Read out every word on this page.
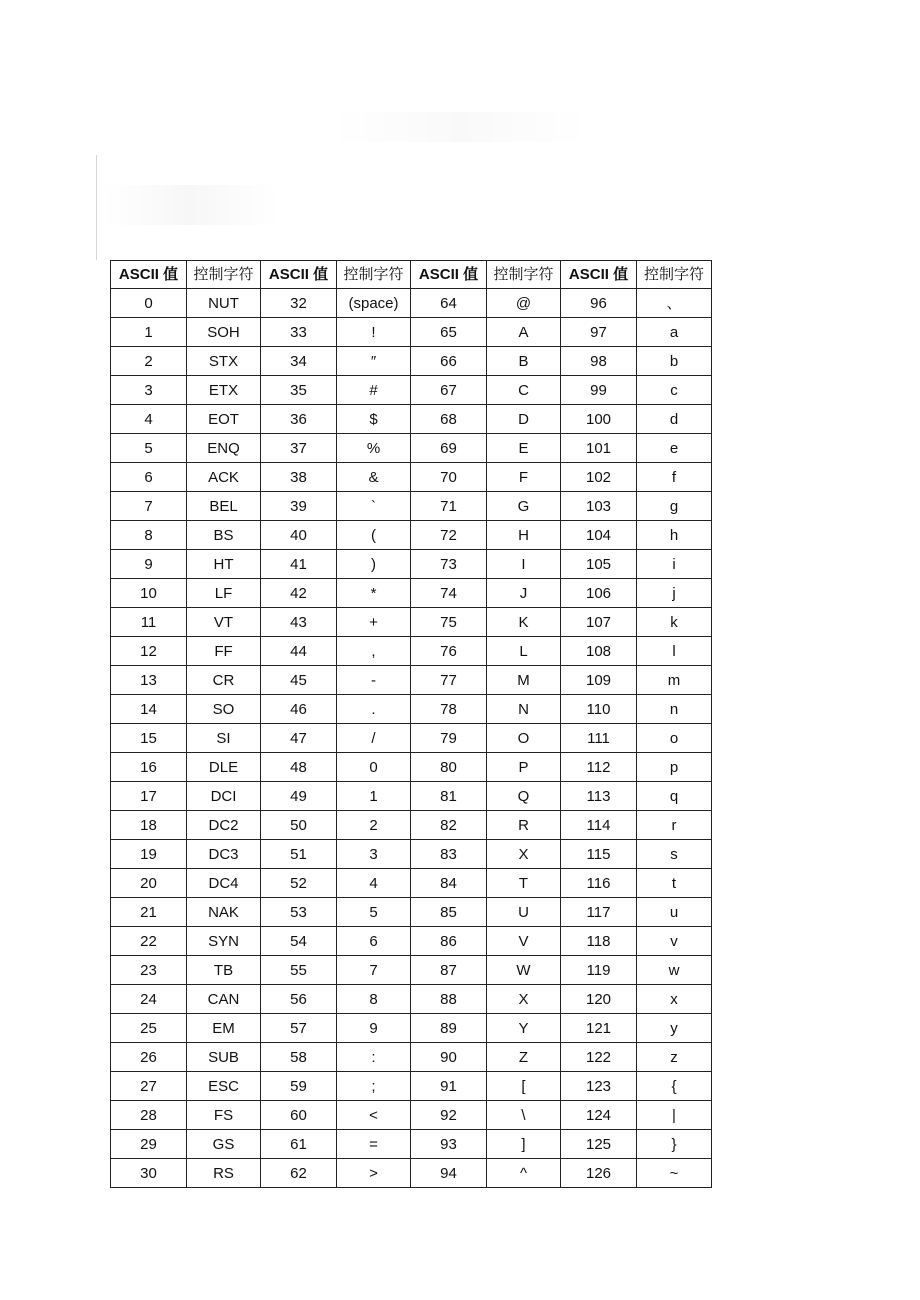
ASCII 值	控制字符	ASCII 值	控制字符	ASCII 值	控制字符	ASCII 值	控制字符
0	NUT	32	(space)	64	@	96	、
1	SOH	33	!	65	A	97	a
2	STX	34	″	66	B	98	b
3	ETX	35	#	67	C	99	c
4	EOT	36	$	68	D	100	d
5	ENQ	37	%	69	E	101	e
6	ACK	38	&	70	F	102	f
7	BEL	39	`	71	G	103	g
8	BS	40	(	72	H	104	h
9	HT	41	)	73	I	105	i
10	LF	42	*	74	J	106	j
11	VT	43	+	75	K	107	k
12	FF	44	,	76	L	108	l
13	CR	45	-	77	M	109	m
14	SO	46	.	78	N	110	n
15	SI	47	/	79	O	111	o
16	DLE	48	0	80	P	112	p
17	DCI	49	1	81	Q	113	q
18	DC2	50	2	82	R	114	r
19	DC3	51	3	83	X	115	s
20	DC4	52	4	84	T	116	t
21	NAK	53	5	85	U	117	u
22	SYN	54	6	86	V	118	v
23	TB	55	7	87	W	119	w
24	CAN	56	8	88	X	120	x
25	EM	57	9	89	Y	121	y
26	SUB	58	:	90	Z	122	z
27	ESC	59	;	91	[	123	{
28	FS	60	<	92	\	124	|
29	GS	61	=	93	]	125	}
30	RS	62	>	94	^	126	~
